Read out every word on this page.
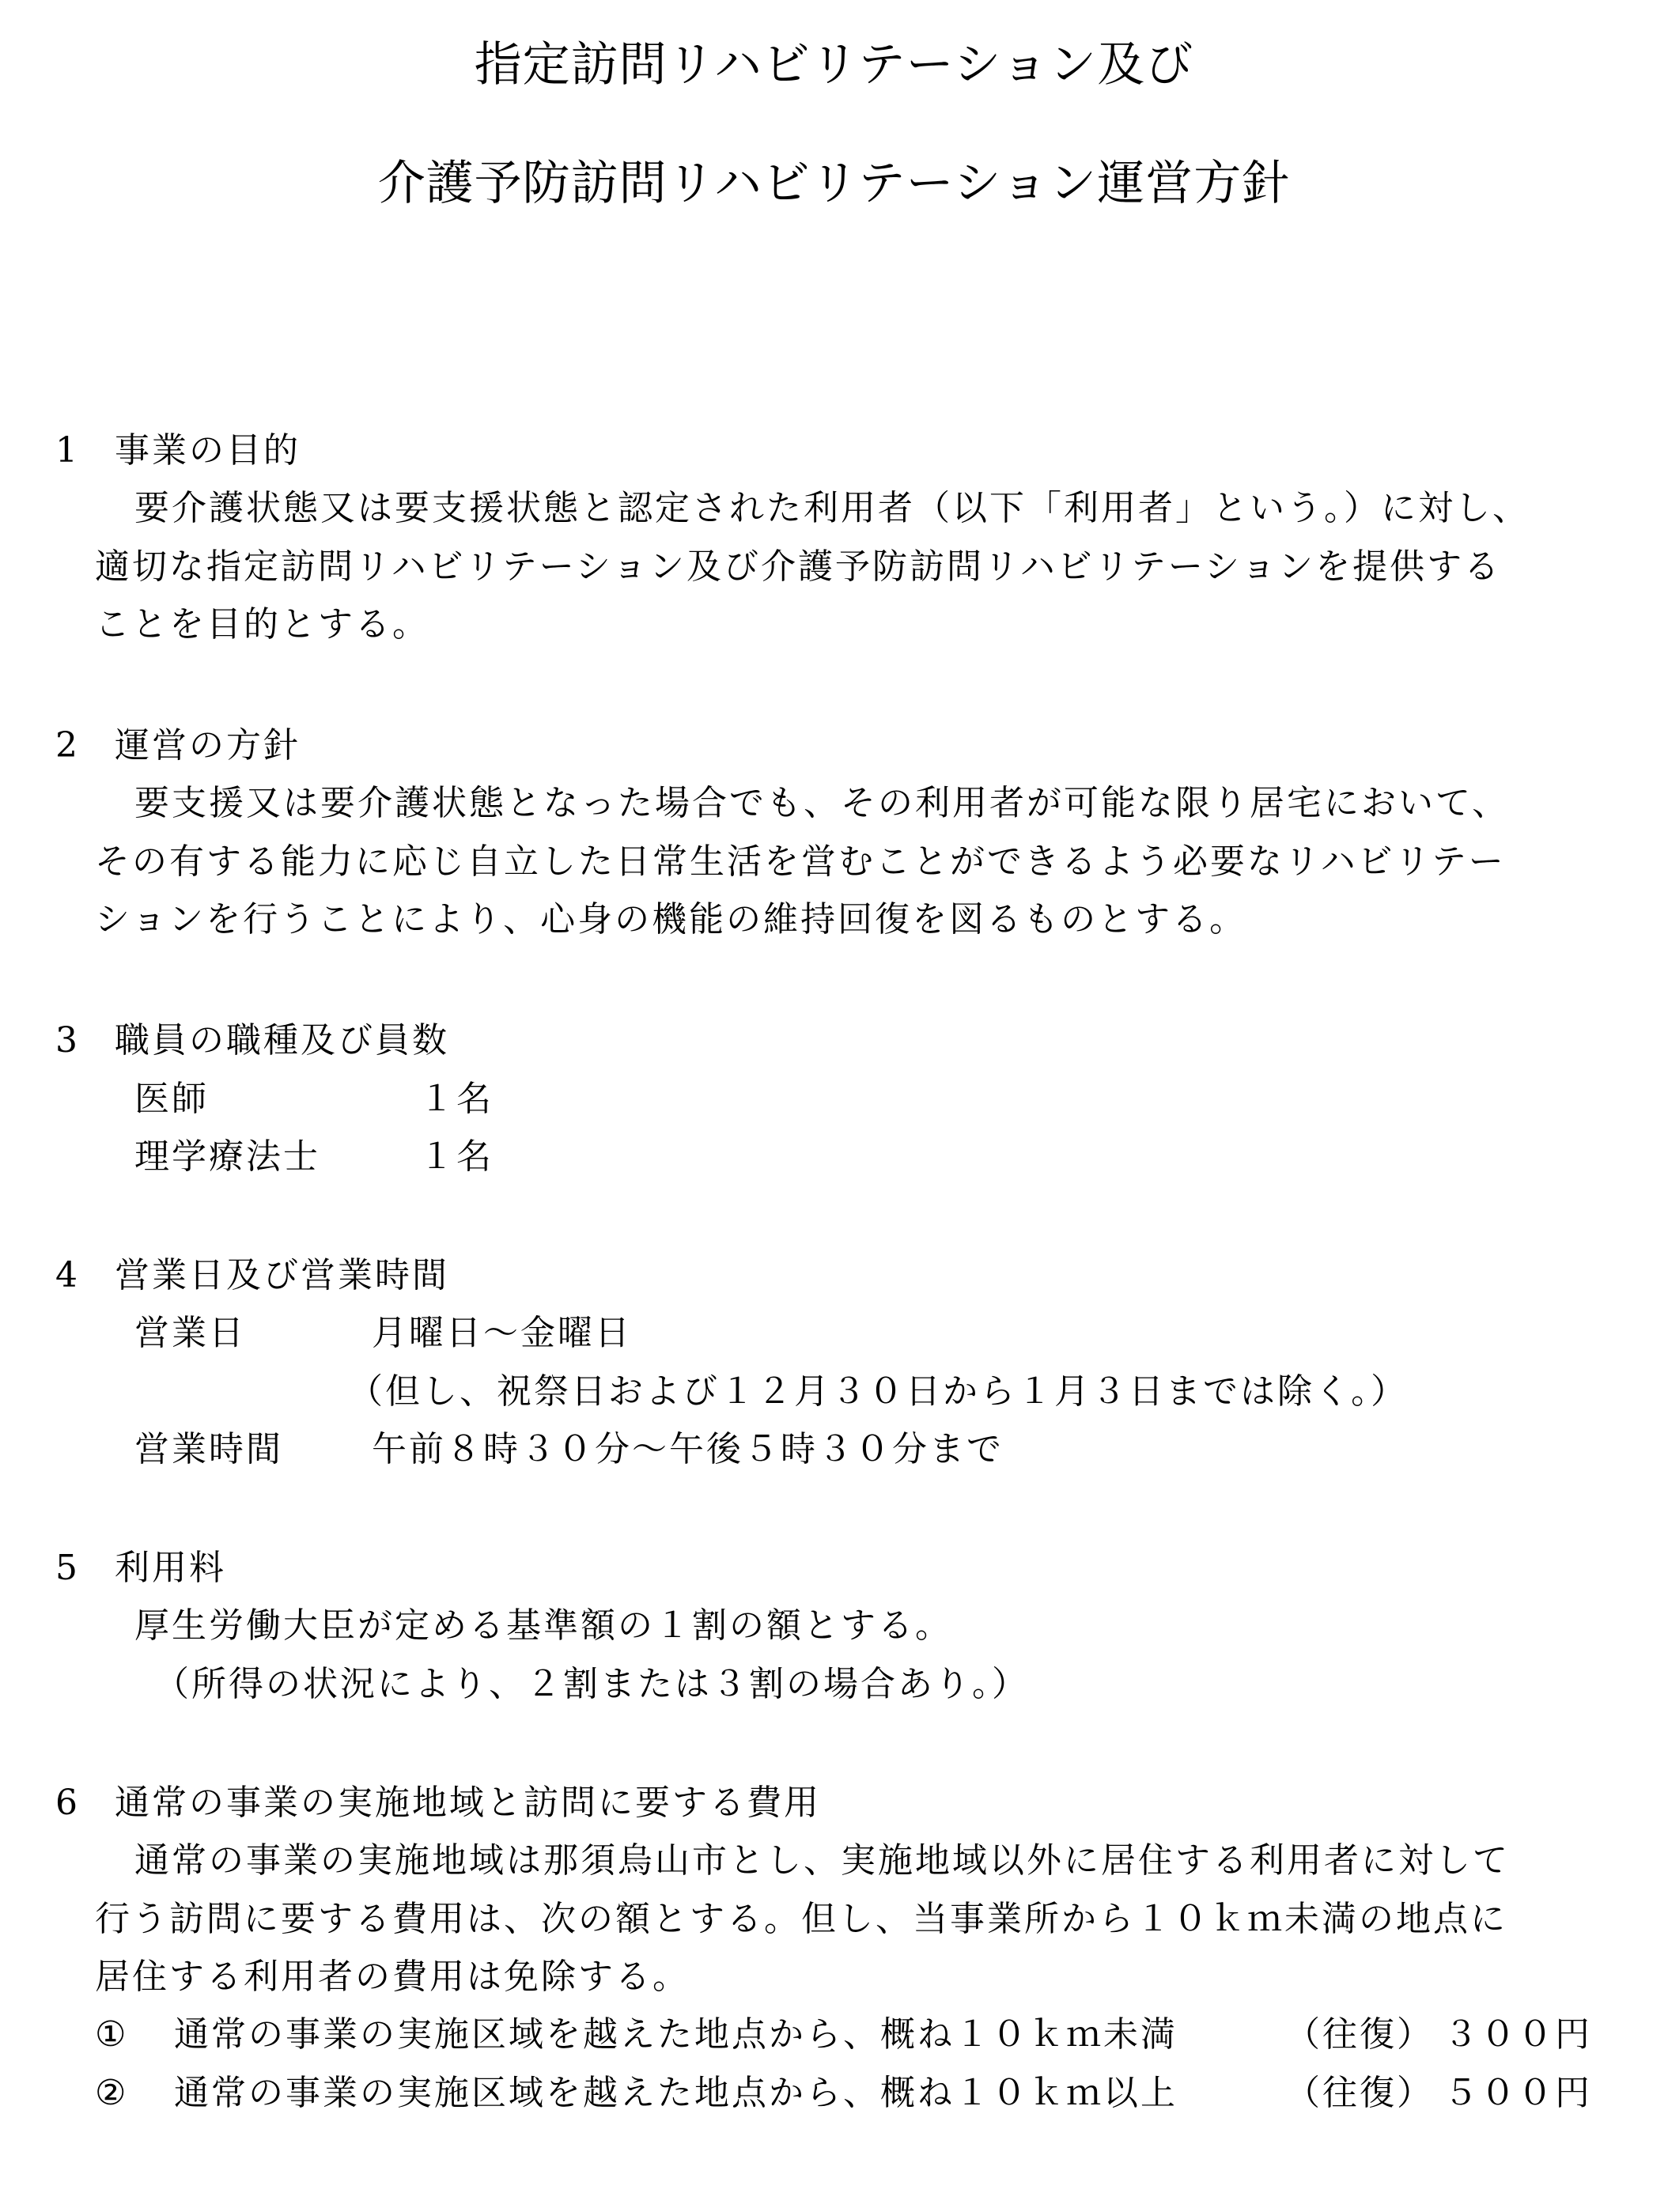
指定訪問リハビリテーション及び
介護予防訪問リハビリテーション運営方針
1 事業の目的
要介護状態又は要支援状態と認定された利用者（以下「利用者」という。）に対し、
適切な指定訪問リハビリテーション及び介護予防訪問リハビリテーションを提供する
ことを目的とする。
2 運営の方針
要支援又は要介護状態となった場合でも、その利用者が可能な限り居宅において、
その有する能力に応じ自立した日常生活を営むことができるよう必要なリハビリテー
ションを行うことにより、心身の機能の維持回復を図るものとする。
3 職員の職種及び員数
医師	１名
理学療法士	１名
4 営業日及び営業時間
営業日	月曜日～金曜日
（但し、祝祭日および１２月３０日から１月３日までは除く。）
営業時間	午前８時３０分～午後５時３０分まで
5 利用料
厚生労働大臣が定める基準額の１割の額とする。
（所得の状況により、２割または３割の場合あり。）
6 通常の事業の実施地域と訪問に要する費用
通常の事業の実施地域は那須烏山市とし、実施地域以外に居住する利用者に対して
行う訪問に要する費用は、次の額とする。但し、当事業所から１０ｋｍ未満の地点に
居住する利用者の費用は免除する。
① 通常の事業の実施区域を越えた地点から、概ね１０ｋｍ未満	（往復） ３００円
② 通常の事業の実施区域を越えた地点から、概ね１０ｋｍ以上	（往復） ５００円
